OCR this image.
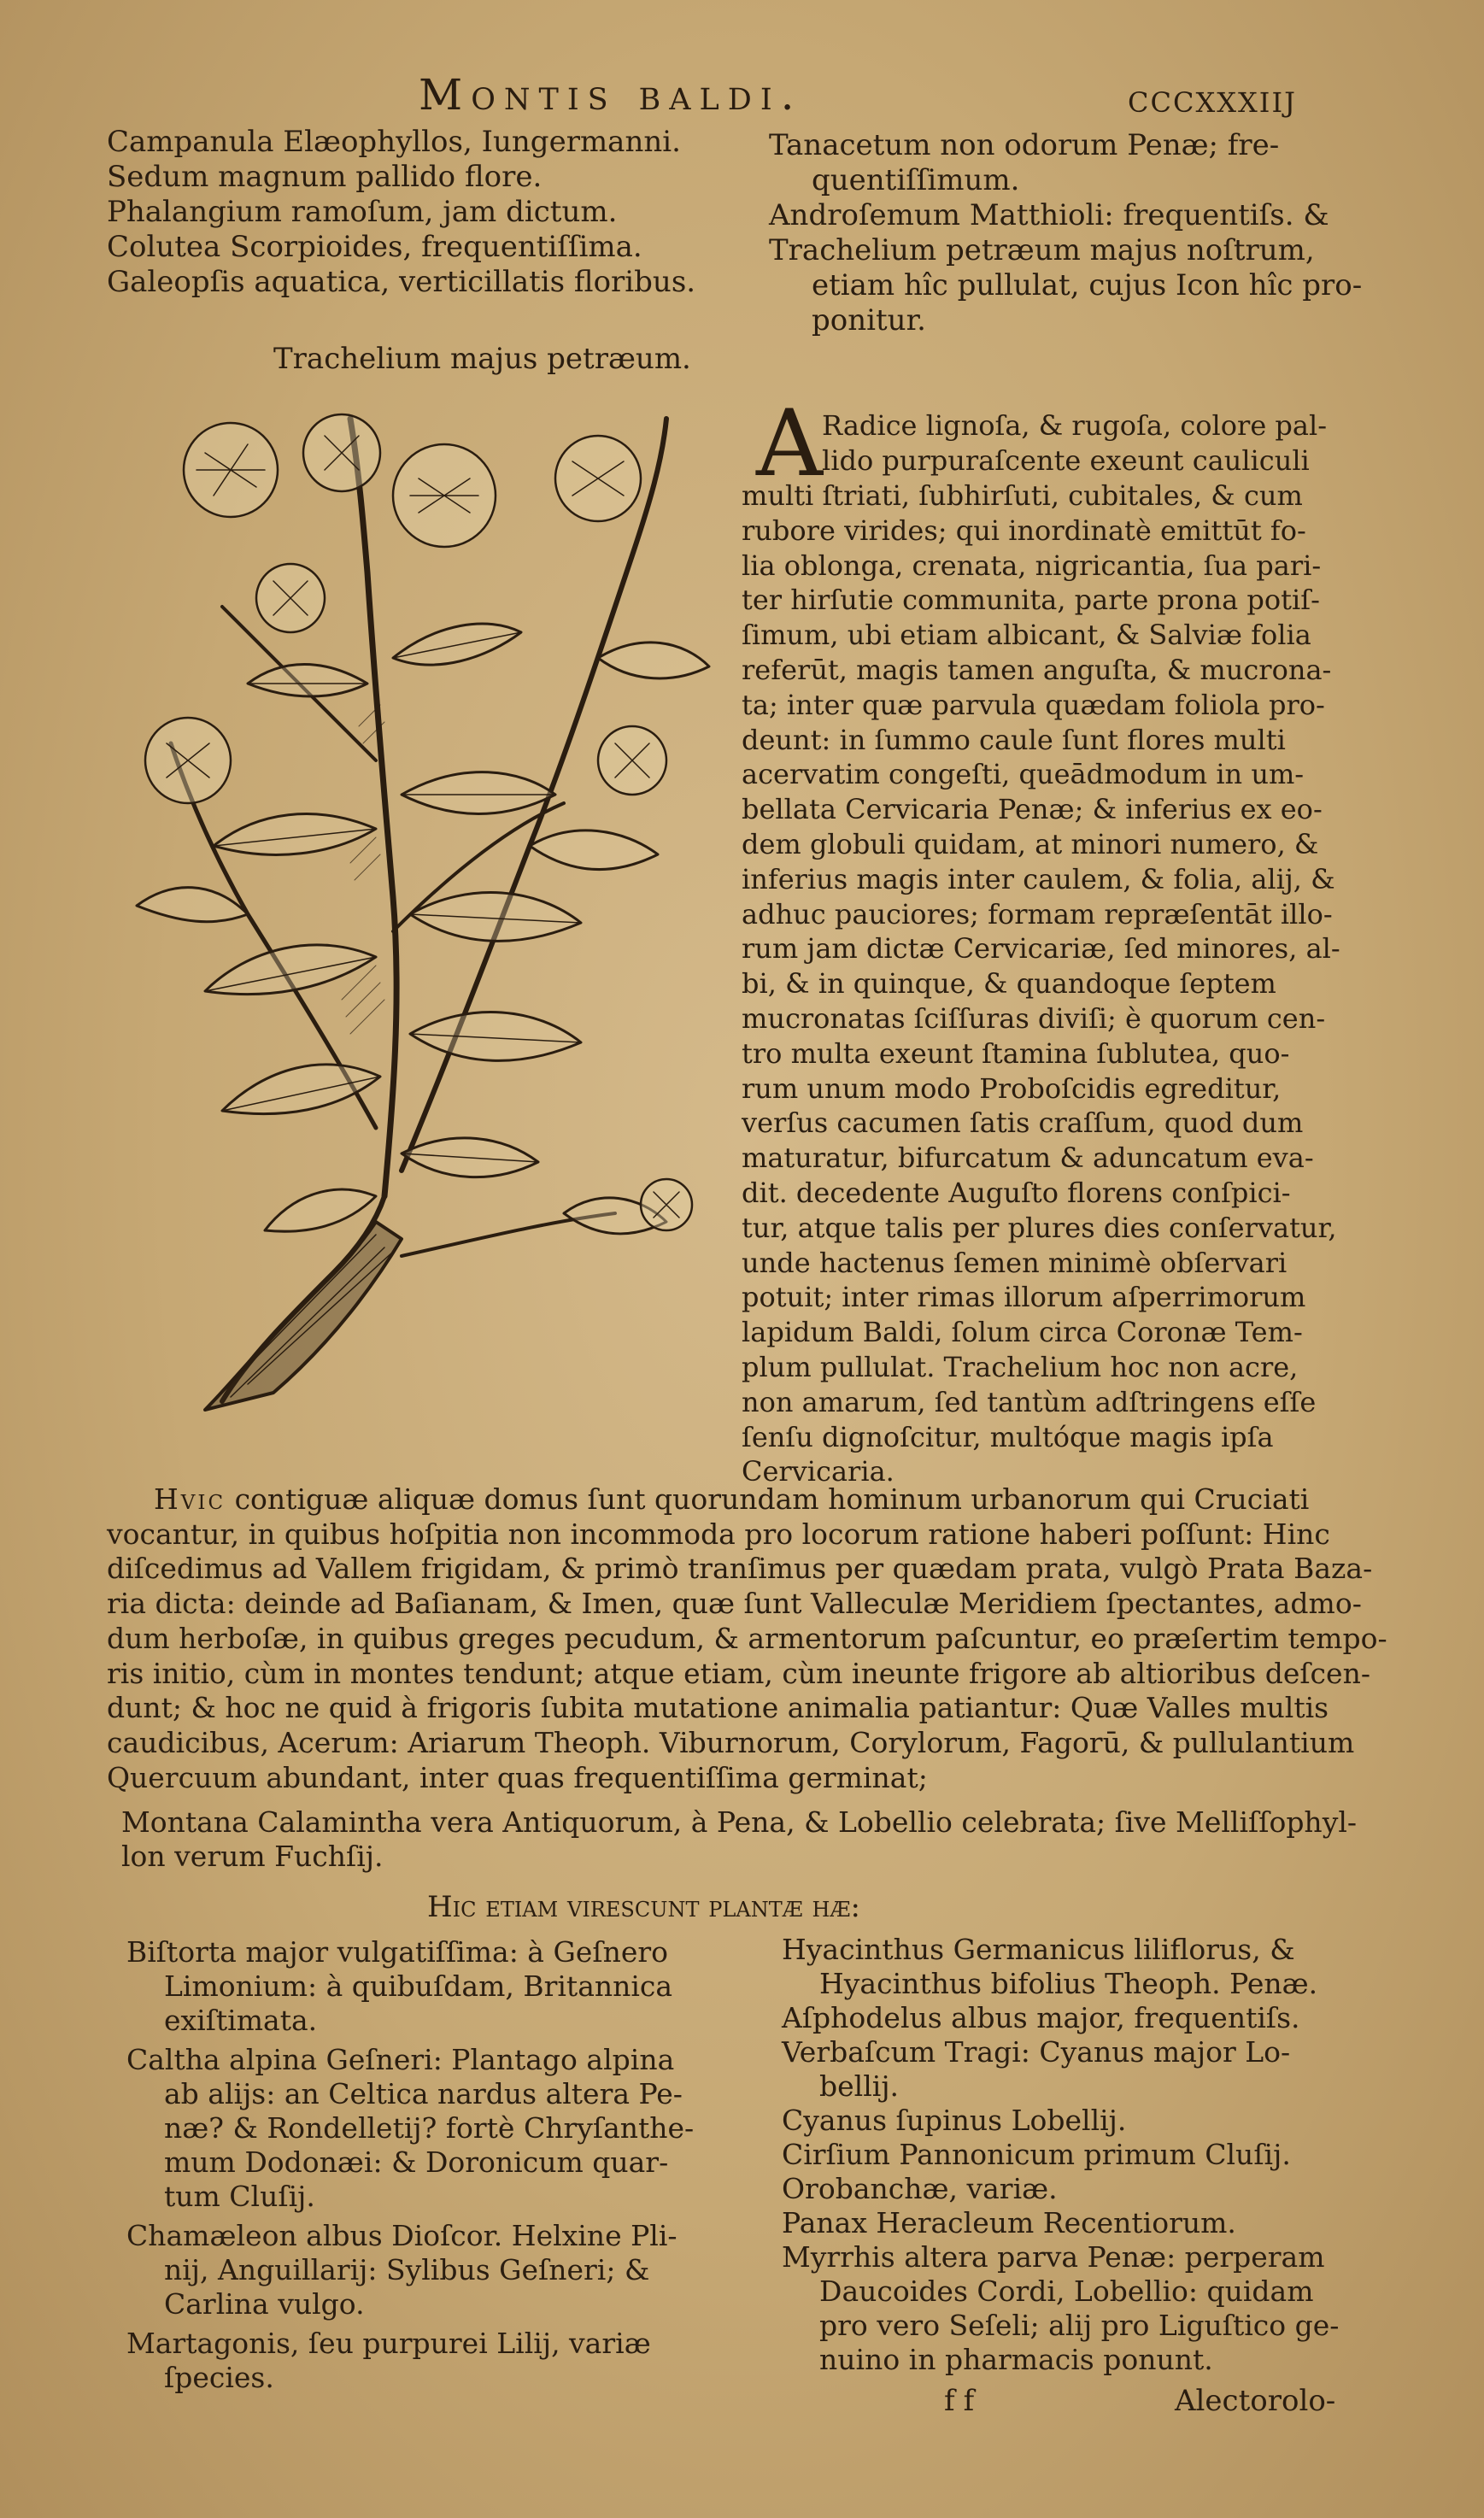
Montis baldi.	cccxxxiij
Campanula Elæophyllos, Iungermanni.
Sedum magnum pallido flore.
Phalangium ramoſum, jam dictum.
Colutea Scorpioides, frequentiſſima.
Galeopſis aquatica, verticillatis floribus.
Tanacetum non odorum Penæ; fre-
quentiſſimum.
Androſemum Matthioli: frequentiſs. &
Trachelium petræum majus noſtrum,
etiam hîc pullulat, cujus Icon hîc pro-
ponitur.
Trachelium majus petræum.
A Radice lignoſa, & rugoſa, colore pal-
lido purpuraſcente exeunt cauliculi
multi ſtriati, ſubhirſuti, cubitales, & cum
rubore virides; qui inordinatè emittūt fo-
lia oblonga, crenata, nigricantia, ſua pari-
ter hirſutie communita, parte prona potiſ-
ſimum, ubi etiam albicant, & Salviæ folia
referūt, magis tamen anguſta, & mucrona-
ta; inter quæ parvula quædam foliola pro-
deunt: in ſummo caule ſunt flores multi
acervatim congeſti, queādmodum in um-
bellata Cervicaria Penæ; & inferius ex eo-
dem globuli quidam, at minori numero, &
inferius magis inter caulem, & folia, alij, &
adhuc pauciores; formam repræſentāt illo-
rum jam dictæ Cervicariæ, ſed minores, al-
bi, & in quinque, & quandoque ſeptem
mucronatas ſciſſuras diviſi; è quorum cen-
tro multa exeunt ſtamina ſublutea, quo-
rum unum modo Proboſcidis egreditur,
verſus cacumen ſatis craſſum, quod dum
maturatur, bifurcatum & aduncatum eva-
dit. decedente Auguſto florens conſpici-
tur, atque talis per plures dies conſervatur,
unde hactenus ſemen minimè obſervari
potuit; inter rimas illorum aſperrimorum
lapidum Baldi, ſolum circa Coronæ Tem-
plum pullulat. Trachelium hoc non acre,
non amarum, ſed tantùm adſtringens eſſe
ſenſu dignoſcitur, multóque magis ipſa
Cervicaria.
Hvic contiguæ aliquæ domus ſunt quorundam hominum urbanorum qui Cruciati
vocantur, in quibus hoſpitia non incommoda pro locorum ratione haberi poſſunt: Hinc
diſcedimus ad Vallem frigidam, & primò tranſimus per quædam prata, vulgò Prata Baza-
ria dicta: deinde ad Baſianam, & Imen, quæ ſunt Valleculæ Meridiem ſpectantes, admo-
dum herboſæ, in quibus greges pecudum, & armentorum paſcuntur, eo præſertim tempo-
ris initio, cùm in montes tendunt; atque etiam, cùm ineunte frigore ab altioribus deſcen-
dunt; & hoc ne quid à frigoris ſubita mutatione animalia patiantur: Quæ Valles multis
caudicibus, Acerum: Ariarum Theoph. Viburnorum, Corylorum, Fagorū, & pullulantium
Quercuum abundant, inter quas frequentiſſima germinat;
Montana Calamintha vera Antiquorum, à Pena, & Lobellio celebrata; ſive Melliſſophyl-
lon verum Fuchſij.
Hic etiam vireſcunt plantæ hæ:
Biſtorta major vulgatiſſima: à Geſnero
Limonium: à quibuſdam, Britannica
exiſtimata.
Caltha alpina Geſneri: Plantago alpina
ab alijs: an Celtica nardus altera Pe-
næ? & Rondelletij? fortè Chryſanthe-
mum Dodonæi: & Doronicum quar-
tum Cluſij.
Chamæleon albus Dioſcor. Helxine Pli-
nij, Anguillarij: Sylibus Geſneri; &
Carlina vulgo.
Martagonis, ſeu purpurei Lilij, variæ
ſpecies.
Hyacinthus Germanicus liliflorus, &
Hyacinthus bifolius Theoph. Penæ.
Aſphodelus albus major, frequentiſs.
Verbaſcum Tragi: Cyanus major Lo-
bellij.
Cyanus ſupinus Lobellij.
Cirſium Pannonicum primum Cluſij.
Orobanchæ, variæ.
Panax Heracleum Recentiorum.
Myrrhis altera parva Penæ: perperam
Daucoides Cordi, Lobellio: quidam
pro vero Seſeli; alij pro Liguſtico ge-
nuino in pharmacis ponunt.
ff	Alectorolo-
